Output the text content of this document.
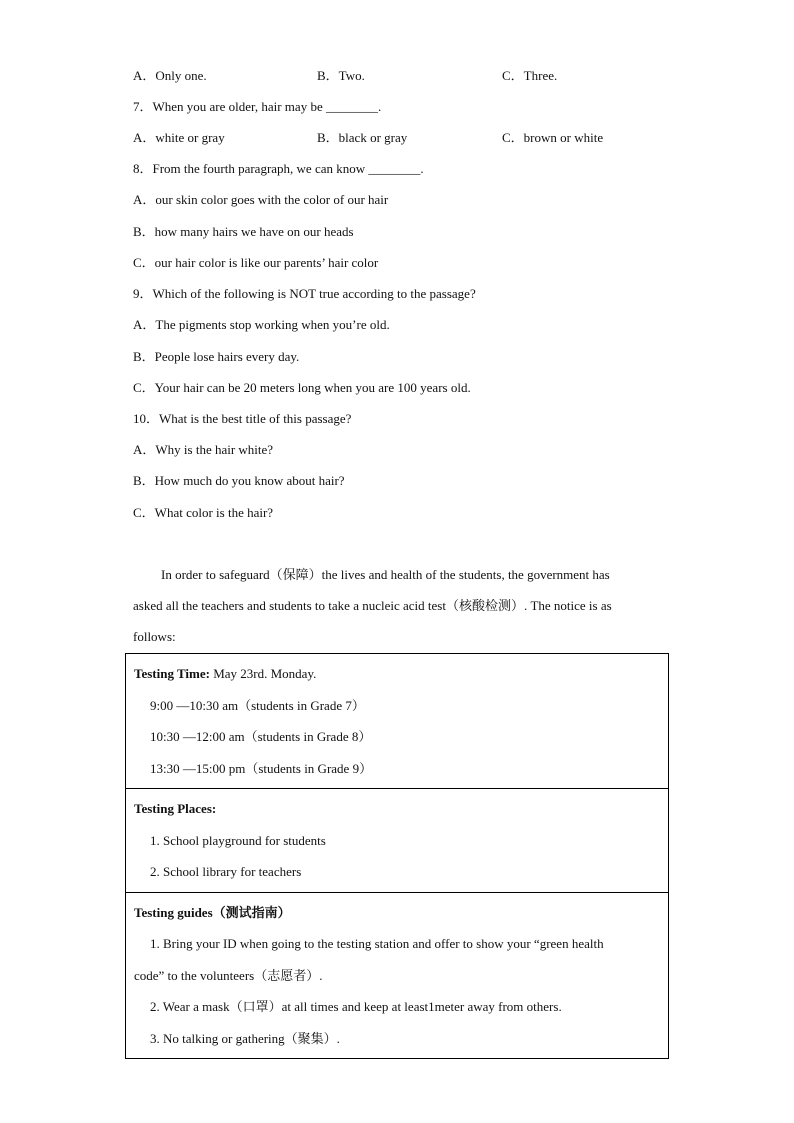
A．Only one.	B．Two.	C．Three.
7．When you are older, hair may be ________.
A．white or gray	B．black or gray	C．brown or white
8．From the fourth paragraph, we can know ________.
A．our skin color goes with the color of our hair
B．how many hairs we have on our heads
C．our hair color is like our parents’ hair color
9．Which of the following is NOT true according to the passage?
A．The pigments stop working when you’re old.
B．People lose hairs every day.
C．Your hair can be 20 meters long when you are 100 years old.
10．What is the best title of this passage?
A．Why is the hair white?
B．How much do you know about hair?
C．What color is the hair?
In order to safeguard（保障）the lives and health of the students, the government has
asked all the teachers and students to take a nucleic acid test（核酸检测）. The notice is as
follows:
Testing Time: May 23rd. Monday.
9:00 —10:30 am（students in Grade 7）
10:30 —12:00 am（students in Grade 8）
13:30 —15:00 pm（students in Grade 9）

Testing Places:
1. School playground for students
2. School library for teachers

Testing guides（测试指南）
1. Bring your ID when going to the testing station and offer to show your “green health
code” to the volunteers（志愿者）.
2. Wear a mask（口罩）at all times and keep at least1meter away from others.
3. No talking or gathering（聚集）.
